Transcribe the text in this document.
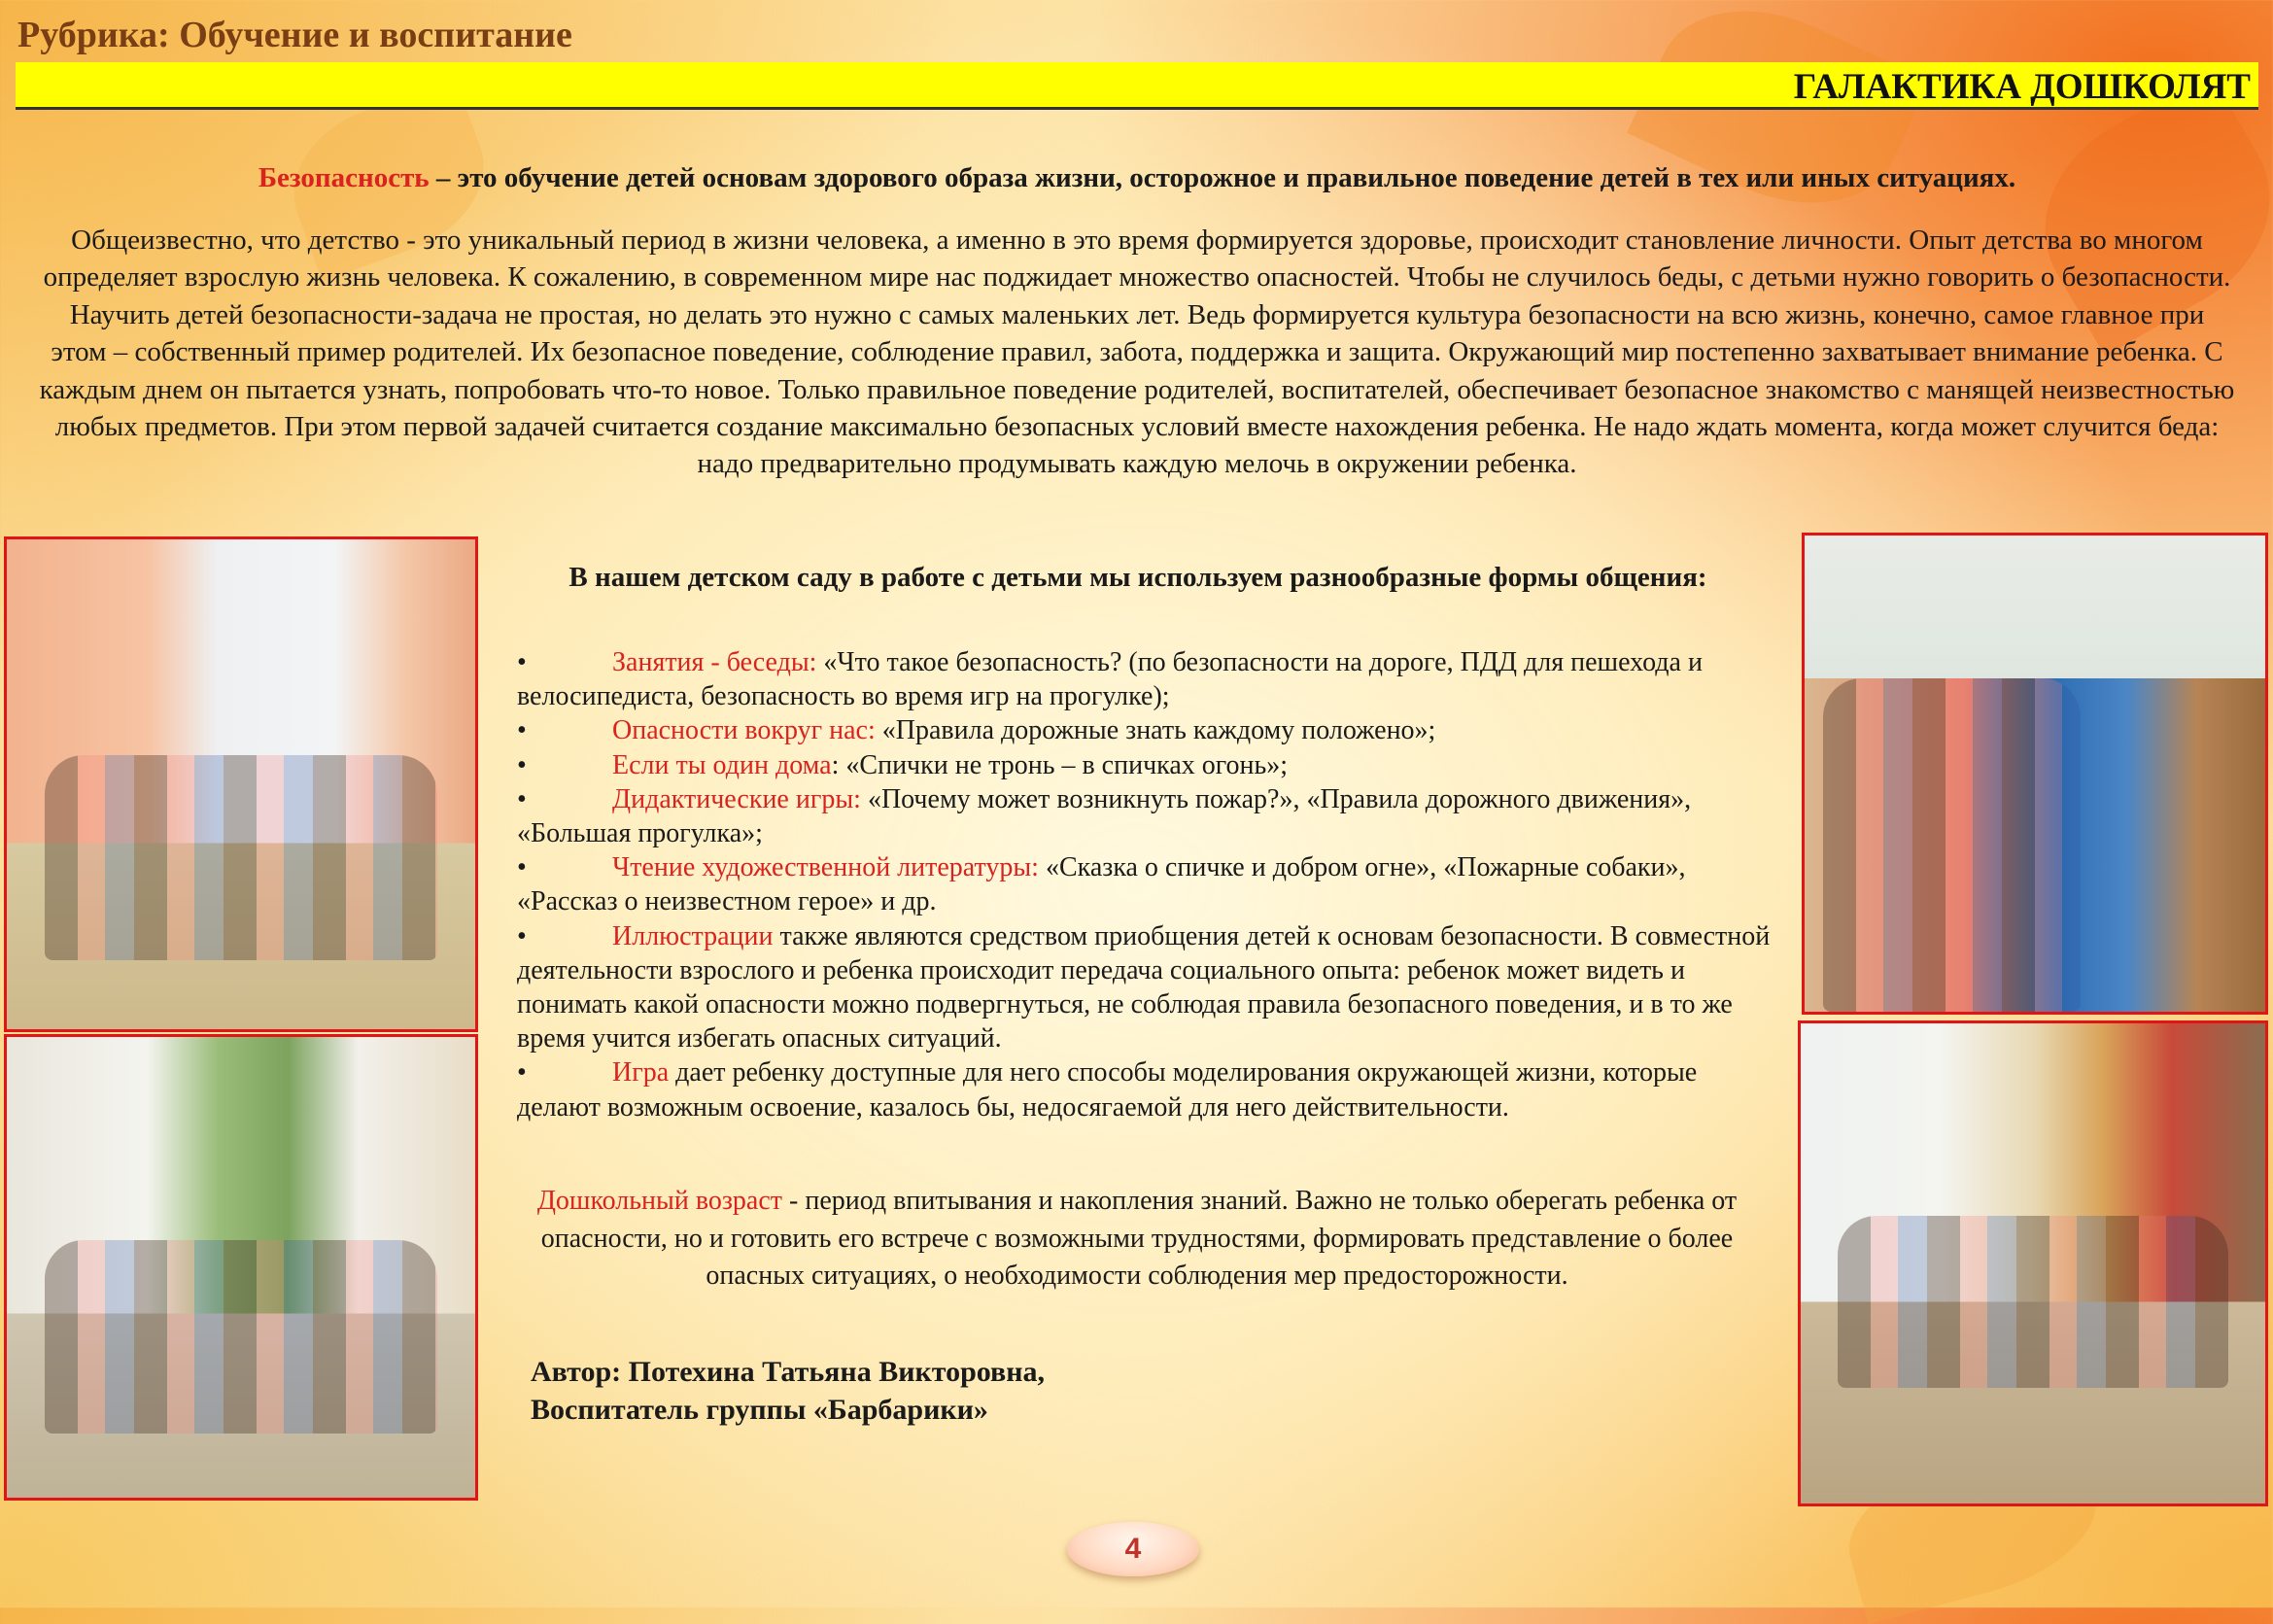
Рубрика: Обучение и воспитание
ГАЛАКТИКА ДОШКОЛЯТ
Безопасность – это обучение детей основам здорового образа жизни, осторожное и правильное поведение детей в тех или иных ситуациях.
Общеизвестно, что детство - это уникальный период в жизни человека, а именно в это время формируется здоровье, происходит становление личности. Опыт детства во многом определяет взрослую жизнь человека. К сожалению, в современном мире нас поджидает множество опасностей. Чтобы не случилось беды, с детьми нужно говорить о безопасности. Научить детей безопасности-задача не простая, но делать это нужно с самых маленьких лет. Ведь формируется культура безопасности на всю жизнь, конечно, самое главное при этом – собственный пример родителей. Их безопасное поведение, соблюдение правил, забота, поддержка и защита. Окружающий мир постепенно захватывает внимание ребенка. С каждым днем он пытается узнать, попробовать что-то новое. Только правильное поведение родителей, воспитателей, обеспечивает безопасное знакомство с манящей неизвестностью любых предметов. При этом первой задачей считается создание максимально безопасных условий вместе нахождения ребенка. Не надо ждать момента, когда может случится беда: надо предварительно продумывать каждую мелочь в окружении ребенка.
В нашем детском саду в работе с детьми мы используем разнообразные формы общения:
•	Занятия - беседы: «Что такое безопасность? (по безопасности на дороге, ПДД для пешехода и велосипедиста, безопасность во время игр на прогулке);
•	Опасности вокруг нас: «Правила дорожные знать каждому положено»;
•	Если ты один дома: «Спички не тронь – в спичках огонь»;
•	Дидактические игры: «Почему может возникнуть пожар?», «Правила дорожного движения», «Большая прогулка»;
•	Чтение художественной литературы: «Сказка о спичке и добром огне», «Пожарные собаки», «Рассказ о неизвестном герое» и др.
•	Иллюстрации также являются средством приобщения детей к основам безопасности. В совместной деятельности взрослого и ребенка происходит передача социального опыта: ребенок может видеть и понимать какой опасности можно подвергнуться, не соблюдая правила безопасного поведения, и в то же время учится избегать опасных ситуаций.
•	Игра дает ребенку доступные для него способы моделирования окружающей жизни, которые делают возможным освоение, казалось бы, недосягаемой для него действительности.
Дошкольный возраст - период впитывания и накопления знаний. Важно не только оберегать ребенка от опасности, но и готовить его встрече с возможными трудностями, формировать представление о более опасных ситуациях, о необходимости соблюдения мер предосторожности.
Автор: Потехина Татьяна Викторовна,
Воспитатель группы «Барбарики»
4
